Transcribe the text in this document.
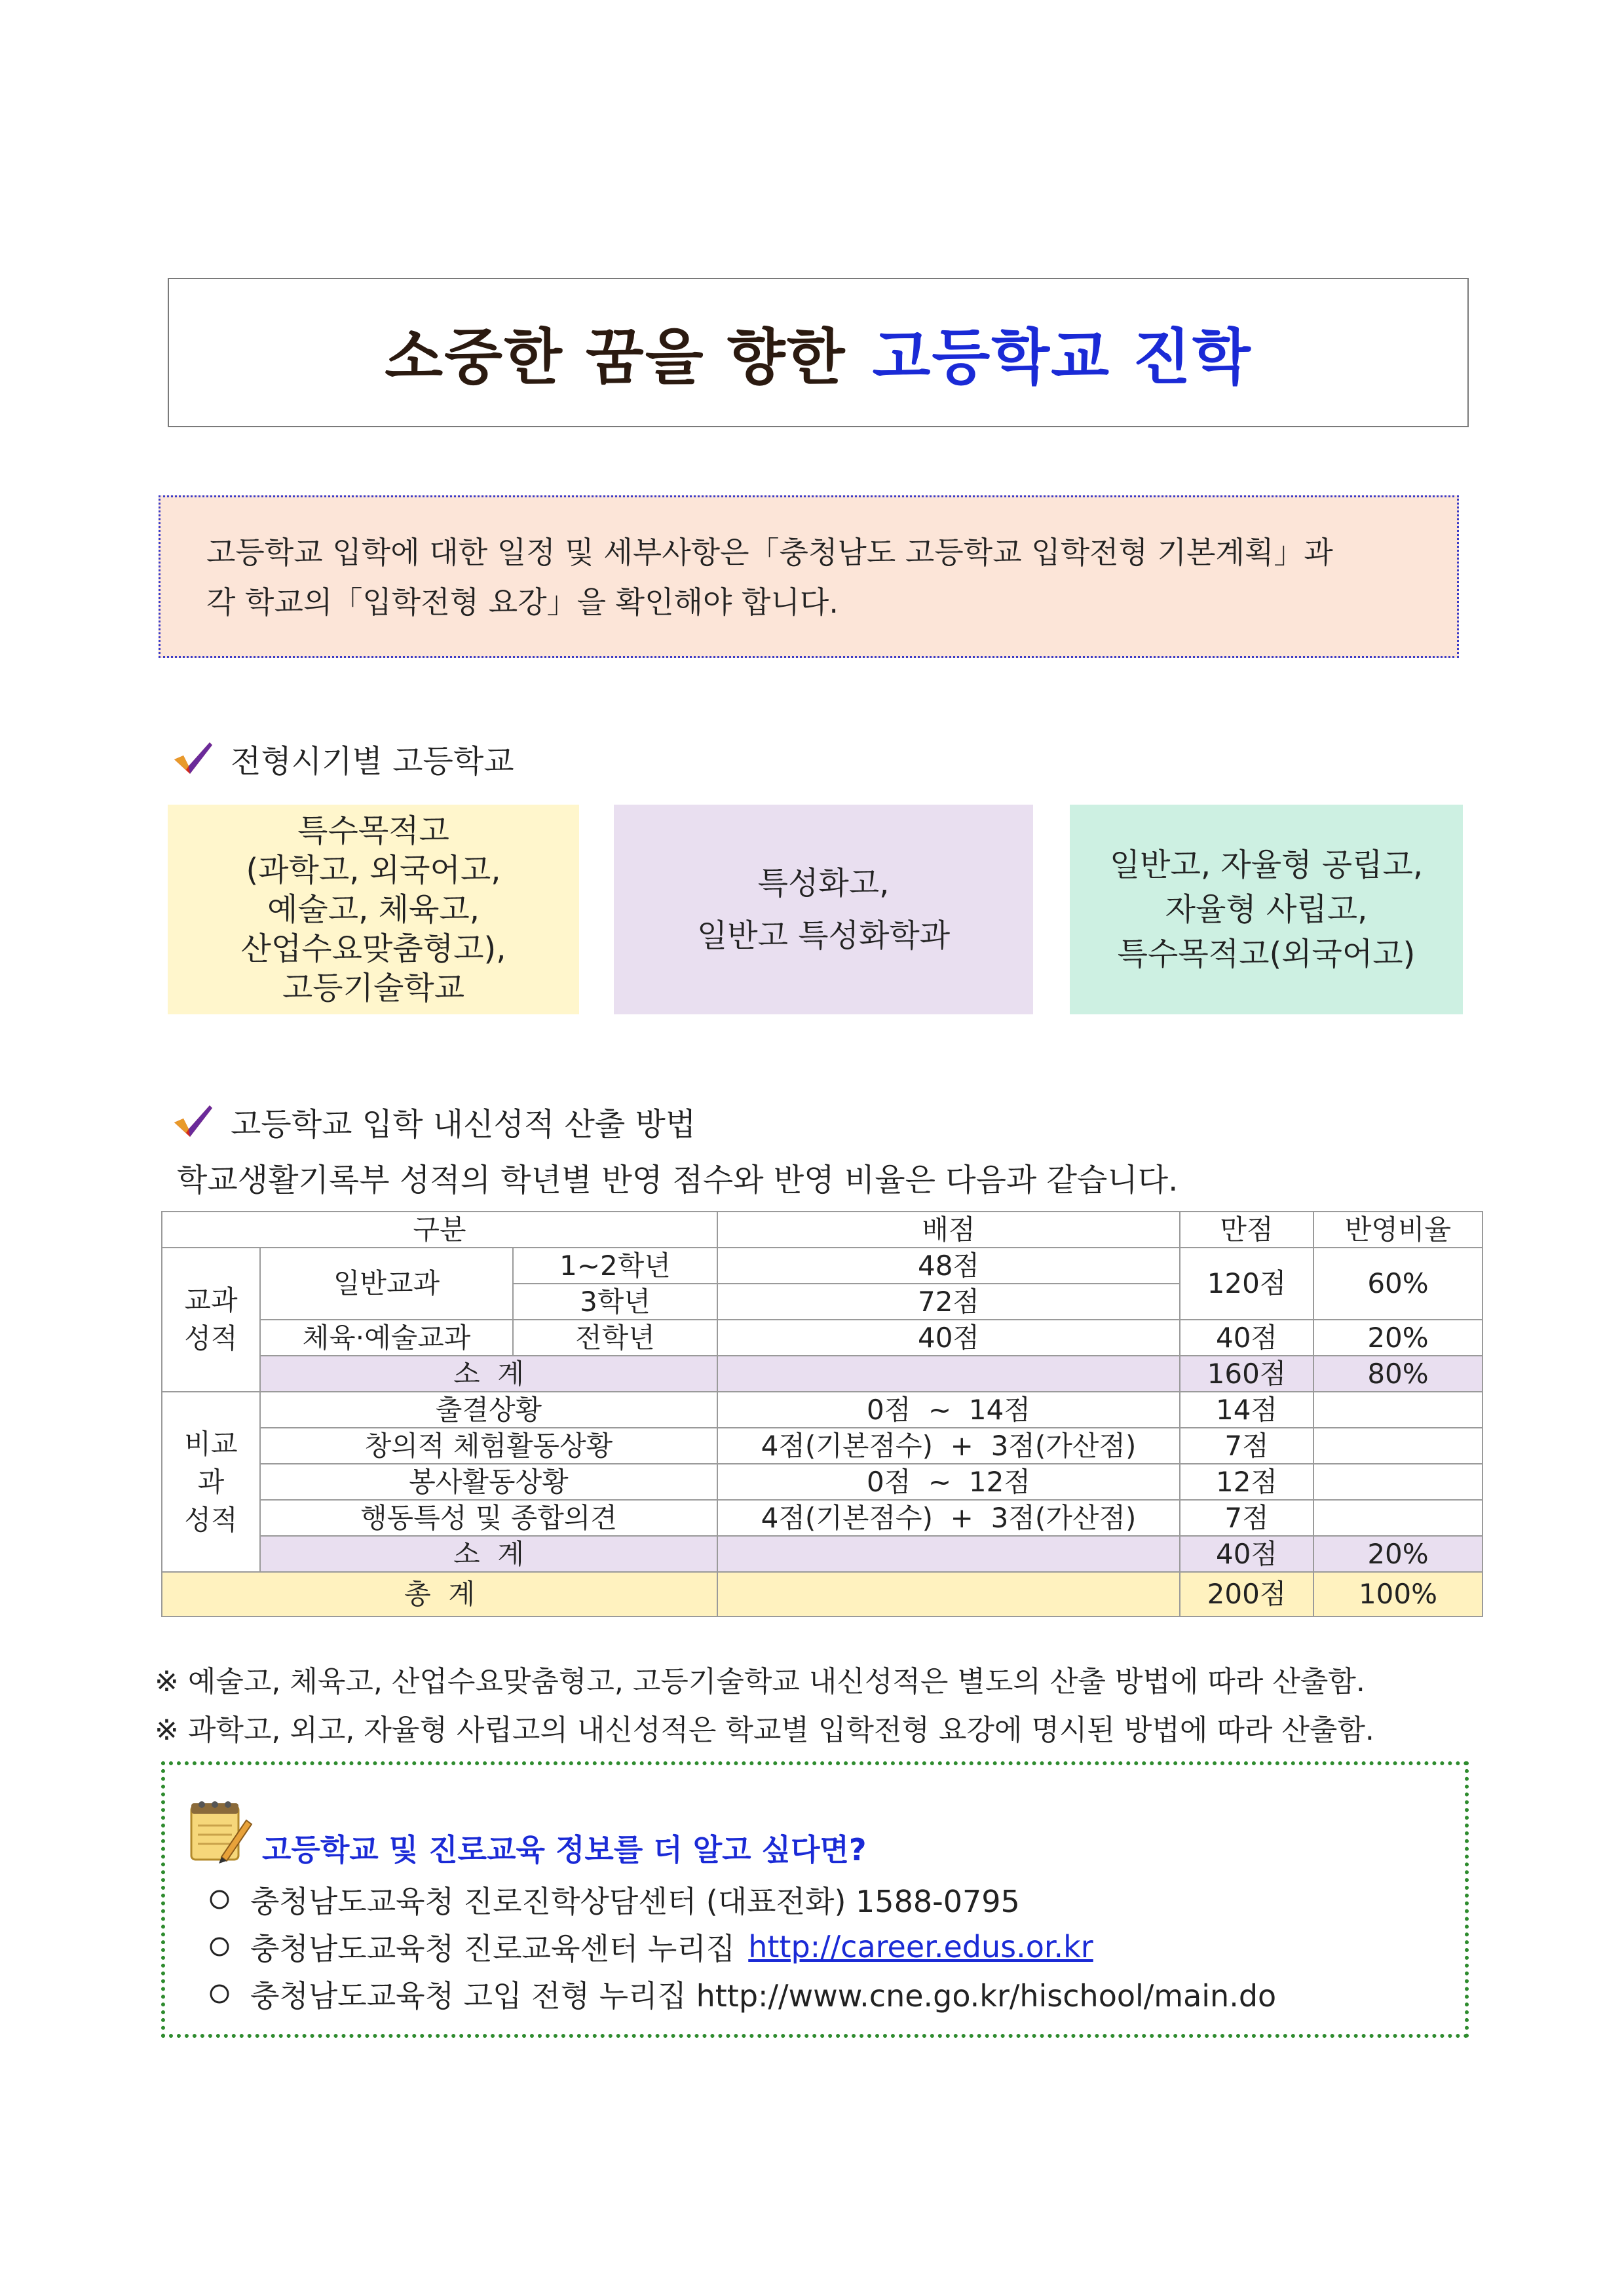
소중한 꿈을 향한 고등학교 진학
고등학교 입학에 대한 일정 및 세부사항은「충청남도 고등학교 입학전형 기본계획」과
각 학교의「입학전형 요강」을 확인해야 합니다.
전형시기별 고등학교
특수목적고
(과학고, 외국어고,
예술고, 체육고,
산업수요맞춤형고),
고등기술학교
특성화고,
일반고 특성화학과
일반고, 자율형 공립고,
자율형 사립고,
특수목적고(외국어고)
고등학교 입학 내신성적 산출 방법
학교생활기록부 성적의 학년별 반영 점수와 반영 비율은 다음과 같습니다.
구분			배점	만점	반영비율
교과
성적	일반교과	1~2학년	48점	120점	60%
		3학년	72점		
	체육·예술교과	전학년	40점	40점	20%
	소  계			160점	80%
비교
과
성적	출결상황		0점  ~  14점	14점	
	창의적 체험활동상황		4점(기본점수)  +  3점(가산점)	7점	
	봉사활동상황		0점  ~  12점	12점	
	행동특성 및 종합의견		4점(기본점수)  +  3점(가산점)	7점	
	소  계			40점	20%
총  계				200점	100%
※ 예술고, 체육고, 산업수요맞춤형고, 고등기술학교 내신성적은 별도의 산출 방법에 따라 산출함.
※ 과학고, 외고, 자율형 사립고의 내신성적은 학교별 입학전형 요강에 명시된 방법에 따라 산출함.
고등학교 및 진로교육 정보를 더 알고 싶다면?
충청남도교육청 진로진학상담센터 (대표전화) 1588-0795
충청남도교육청 진로교육센터 누리집 http://career.edus.or.kr
충청남도교육청 고입 전형 누리집 http://www.cne.go.kr/hischool/main.do
